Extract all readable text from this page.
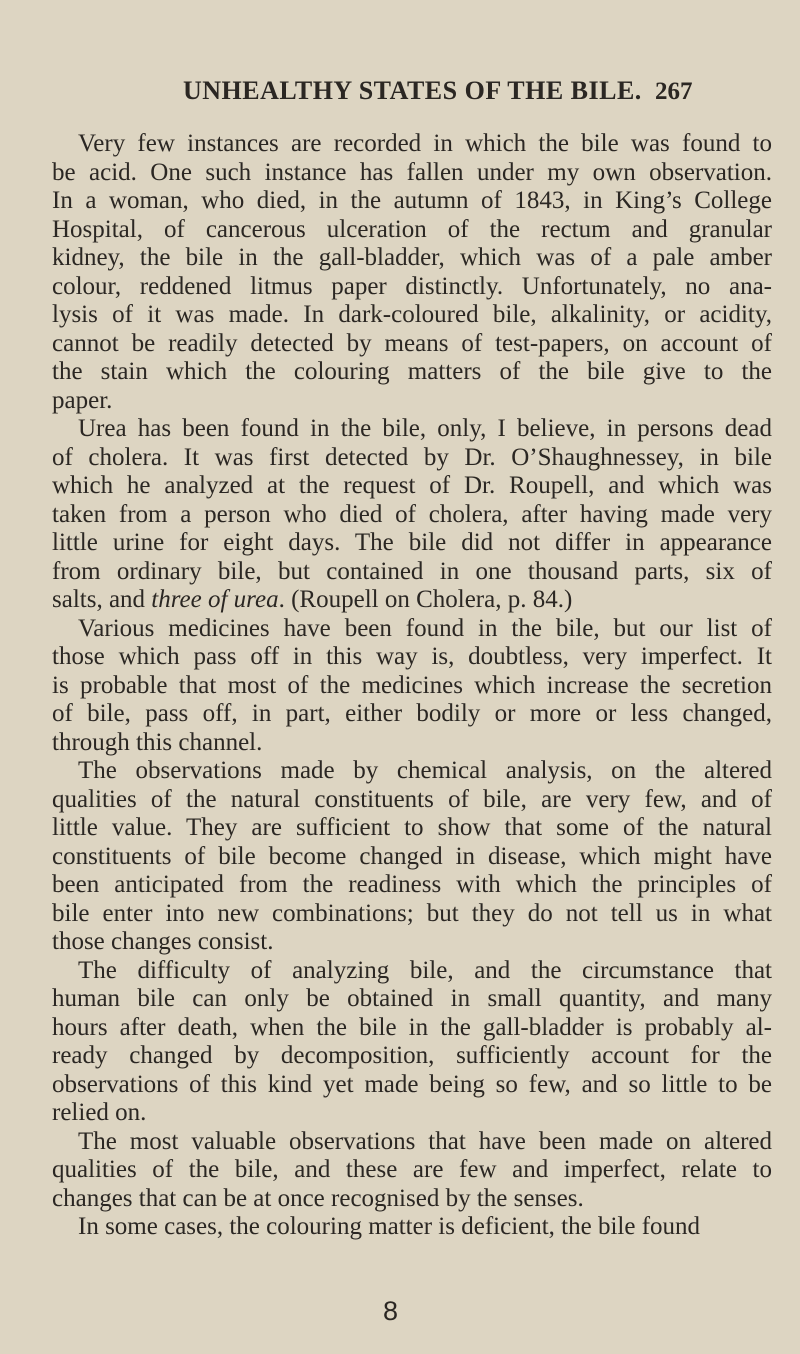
UNHEALTHY STATES OF THE BILE. 267
Very few instances are recorded in which the bile was found to
be acid. One such instance has fallen under my own observation.
In a woman, who died, in the autumn of 1843, in King’s College
Hospital, of cancerous ulceration of the rectum and granular
kidney, the bile in the gall-bladder, which was of a pale amber
colour, reddened litmus paper distinctly. Unfortunately, no ana-
lysis of it was made. In dark-coloured bile, alkalinity, or acidity,
cannot be readily detected by means of test-papers, on account of
the stain which the colouring matters of the bile give to the
paper.
Urea has been found in the bile, only, I believe, in persons dead
of cholera. It was first detected by Dr. O’Shaughnessey, in bile
which he analyzed at the request of Dr. Roupell, and which was
taken from a person who died of cholera, after having made very
little urine for eight days. The bile did not differ in appearance
from ordinary bile, but contained in one thousand parts, six of
salts, and three of urea. (Roupell on Cholera, p. 84.)
Various medicines have been found in the bile, but our list of
those which pass off in this way is, doubtless, very imperfect. It
is probable that most of the medicines which increase the secretion
of bile, pass off, in part, either bodily or more or less changed,
through this channel.
The observations made by chemical analysis, on the altered
qualities of the natural constituents of bile, are very few, and of
little value. They are sufficient to show that some of the natural
constituents of bile become changed in disease, which might have
been anticipated from the readiness with which the principles of
bile enter into new combinations; but they do not tell us in what
those changes consist.
The difficulty of analyzing bile, and the circumstance that
human bile can only be obtained in small quantity, and many
hours after death, when the bile in the gall-bladder is probably al-
ready changed by decomposition, sufficiently account for the
observations of this kind yet made being so few, and so little to be
relied on.
The most valuable observations that have been made on altered
qualities of the bile, and these are few and imperfect, relate to
changes that can be at once recognised by the senses.
In some cases, the colouring matter is deficient, the bile found
8
